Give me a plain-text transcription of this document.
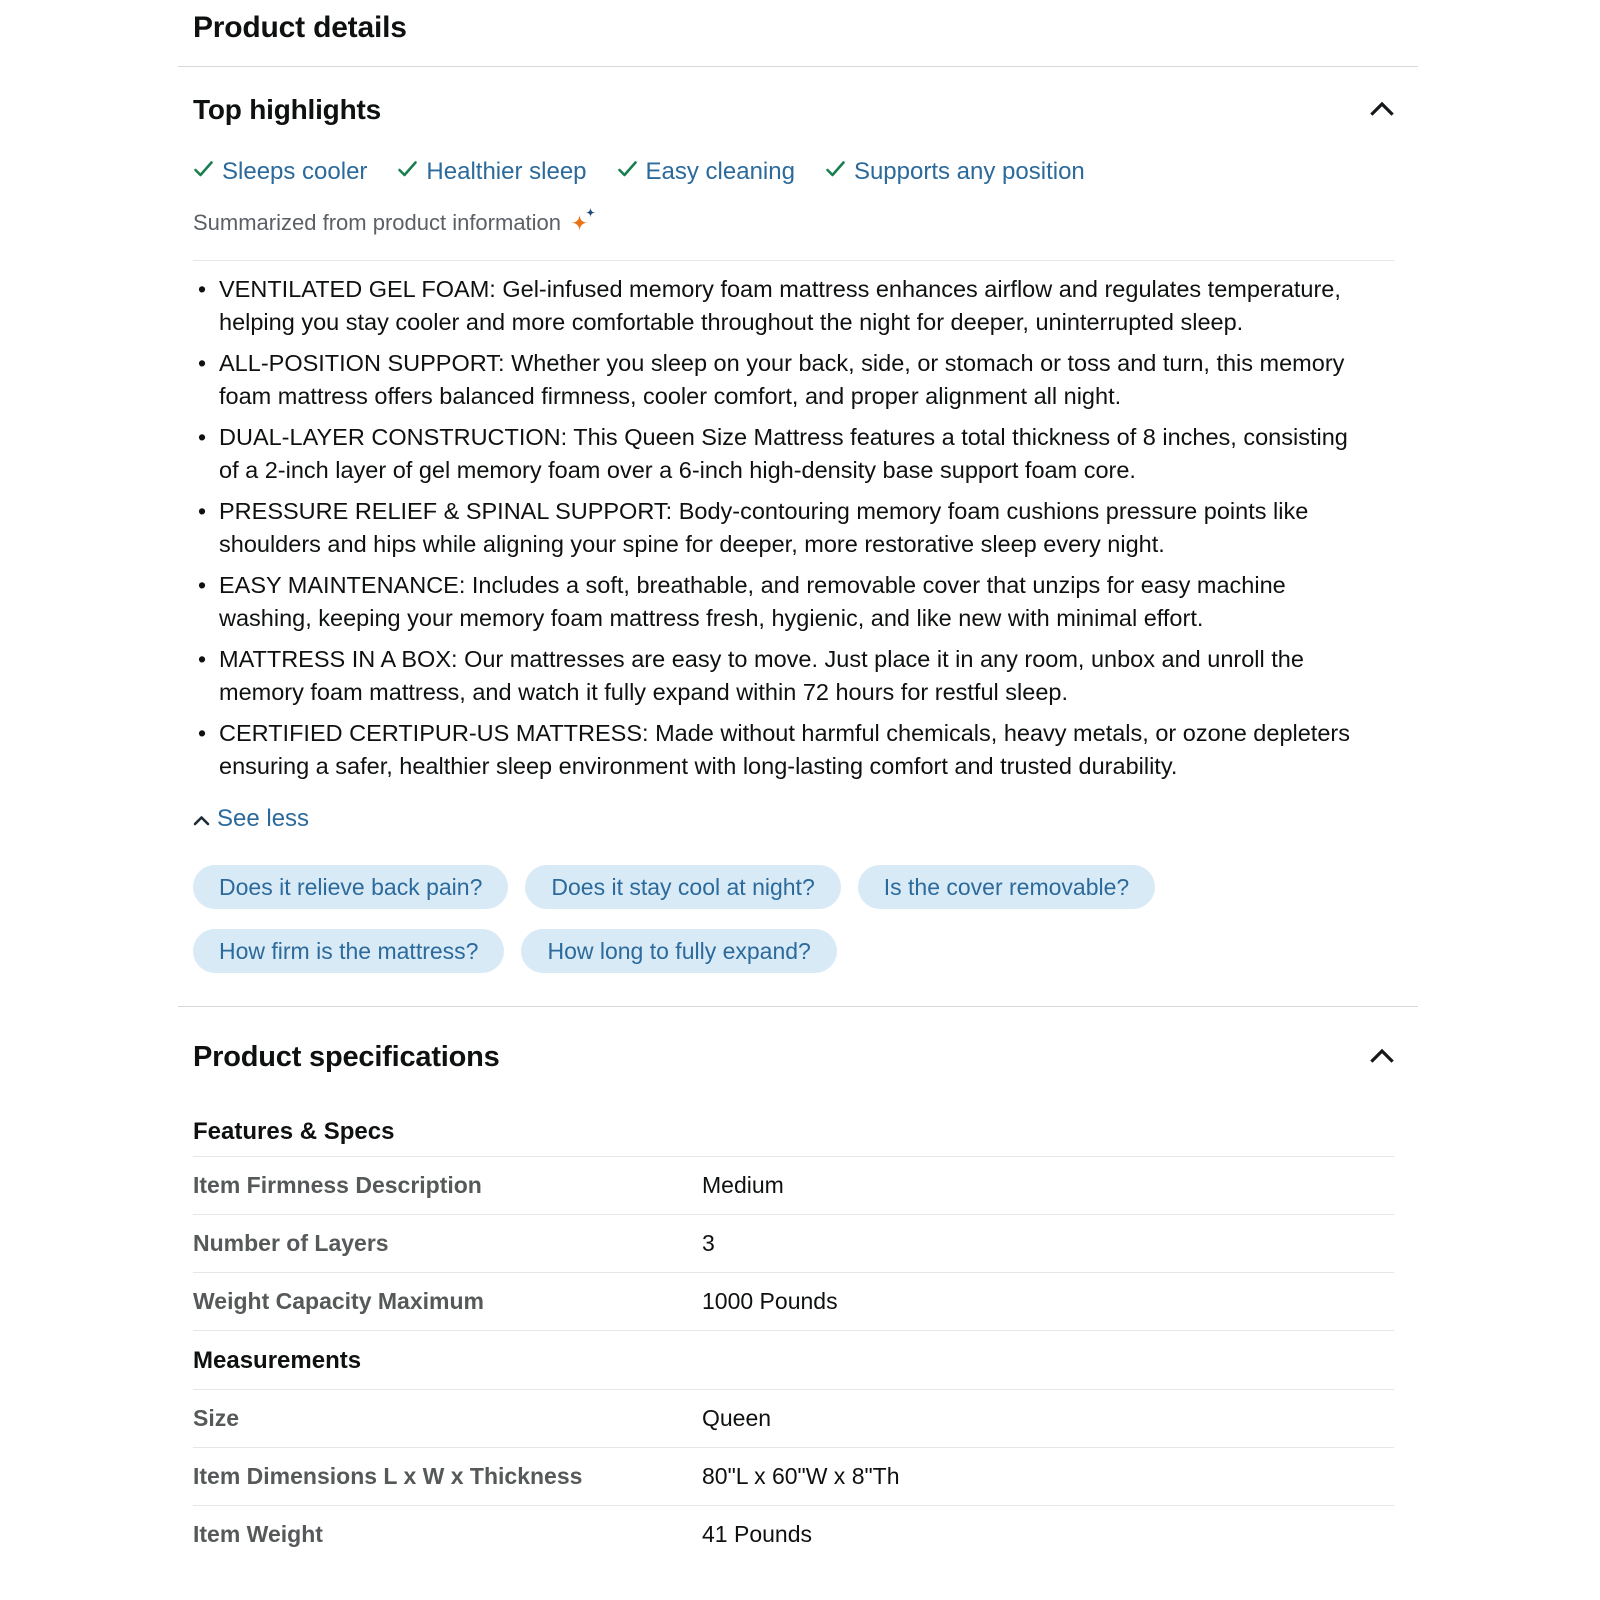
Product details
Top highlights
Sleeps cooler Healthier sleep Easy cleaning Supports any position
Summarized from product information
• VENTILATED GEL FOAM: Gel-infused memory foam mattress enhances airflow and regulates temperature, helping you stay cooler and more comfortable throughout the night for deeper, uninterrupted sleep.
• ALL-POSITION SUPPORT: Whether you sleep on your back, side, or stomach or toss and turn, this memory foam mattress offers balanced firmness, cooler comfort, and proper alignment all night.
• DUAL-LAYER CONSTRUCTION: This Queen Size Mattress features a total thickness of 8 inches, consisting of a 2-inch layer of gel memory foam over a 6-inch high-density base support foam core.
• PRESSURE RELIEF & SPINAL SUPPORT: Body-contouring memory foam cushions pressure points like shoulders and hips while aligning your spine for deeper, more restorative sleep every night.
• EASY MAINTENANCE: Includes a soft, breathable, and removable cover that unzips for easy machine washing, keeping your memory foam mattress fresh, hygienic, and like new with minimal effort.
• MATTRESS IN A BOX: Our mattresses are easy to move. Just place it in any room, unbox and unroll the memory foam mattress, and watch it fully expand within 72 hours for restful sleep.
• CERTIFIED CERTIPUR-US MATTRESS: Made without harmful chemicals, heavy metals, or ozone depleters ensuring a safer, healthier sleep environment with long-lasting comfort and trusted durability.
See less
Does it relieve back pain?	Does it stay cool at night?	Is the cover removable?
How firm is the mattress?	How long to fully expand?
Product specifications
Features & Specs
Item Firmness Description	Medium
Number of Layers	3
Weight Capacity Maximum	1000 Pounds
Measurements
Size	Queen
Item Dimensions L x W x Thickness	80"L x 60"W x 8"Th
Item Weight	41 Pounds
